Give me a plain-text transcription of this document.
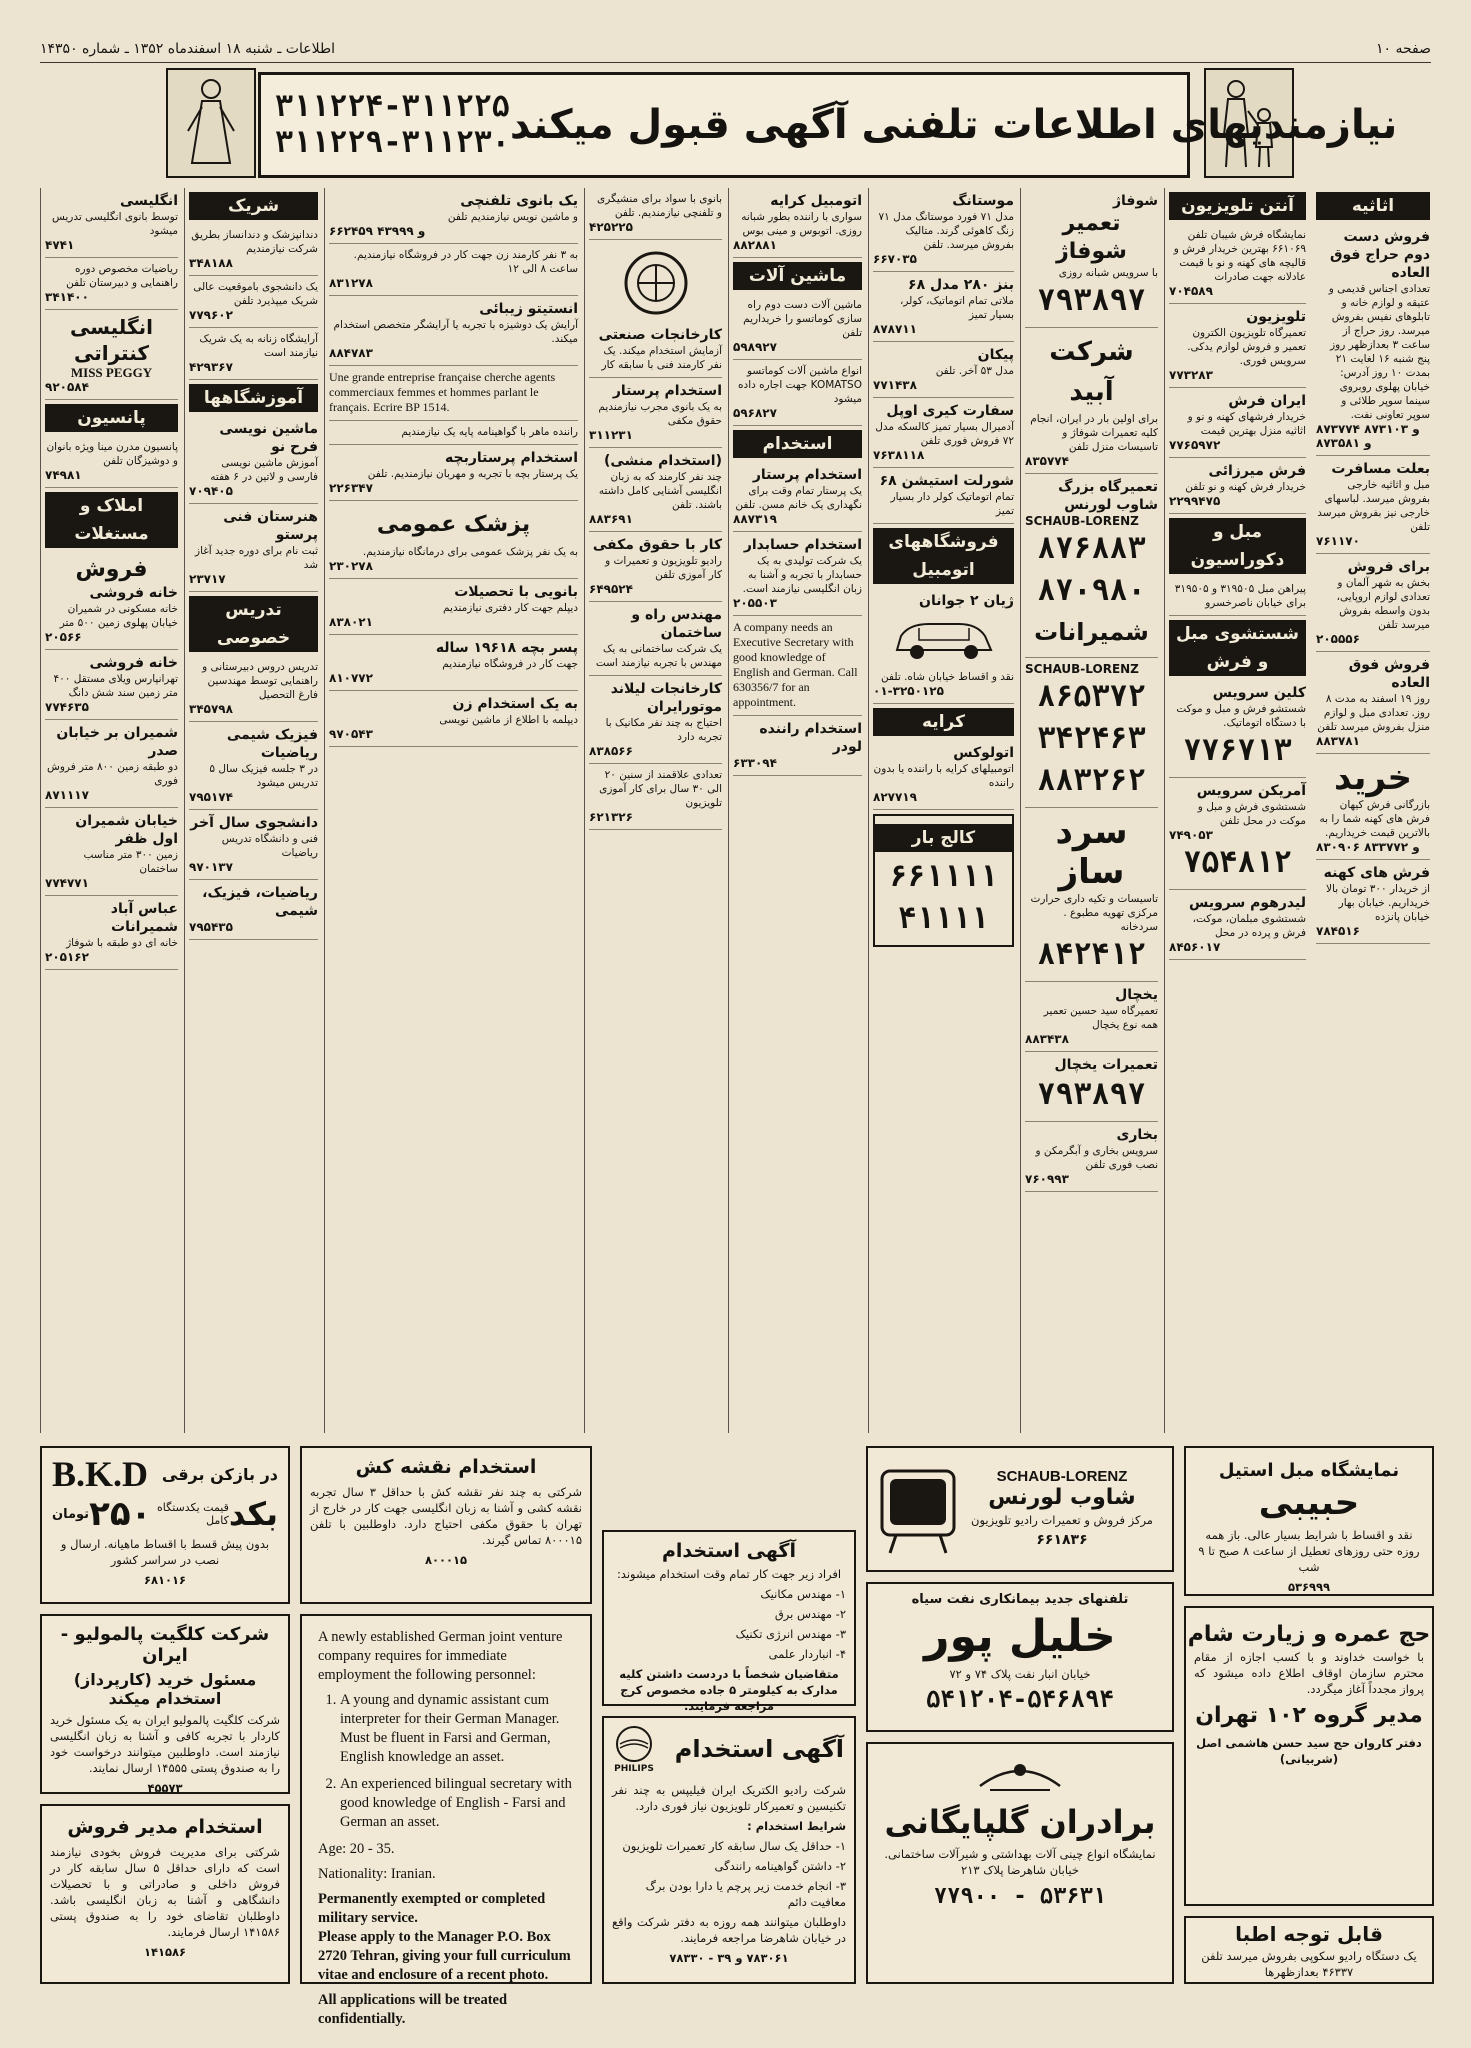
اطلاعات ـ شنبه ۱۸ اسفندماه ۱۳۵۲ ـ شماره ۱۴۳۵۰	صفحه ۱۰
۳۱۱۲۲۴-۳۱۱۲۲۵
۳۱۱۲۲۹-۳۱۱۲۳۰ نیازمندیهای اطلاعات تلفنی آگهی قبول میکند
اثاثیه
فروش دست دوم حراج فوق العاده
تعدادی اجناس قدیمی و عتیقه و لوازم خانه و تابلوهای نفیس بفروش میرسد. روز حراج از ساعت ۳ بعدازظهر روز پنج شنبه ۱۶ لغایت ۲۱ بمدت ۱۰ روز آدرس: خیابان پهلوی روبروی سینما سوپر طلائی و سوپر تعاونی نفت.
۸۷۳۷۷۴ و ۸۷۳۱۰۳ و ۸۷۳۵۸۱
بعلت مسافرت
مبل و اثاثیه خارجی بفروش میرسد. لباسهای خارجی نیز بفروش میرسد تلفن
۷۶۱۱۷۰
برای فروش
بخش به شهر آلمان و تعدادی لوازم اروپایی، بدون واسطه بفروش میرسد تلفن
۲۰۵۵۵۶
فروش فوق العاده
روز ۱۹ اسفند به مدت ۸ روز. تعدادی مبل و لوازم منزل بفروش میرسد تلفن
۸۸۳۷۸۱
خرید
بازرگانی فرش کیهان فرش های کهنه شما را به بالاترین قیمت خریداریم.
۸۳۰۹۰۶ و ۸۳۳۷۷۲
فرش های کهنه
از خریدار ۳۰۰ تومان بالا خریداریم. خیابان بهار خیابان پانزده
۷۸۴۵۱۶
آنتن تلویزیون
نمایشگاه فرش شیبان تلفن ۶۶۱۰۶۹ بهترین خریدار فرش و قالیچه های کهنه و نو با قیمت عادلانه جهت صادرات
۷۰۴۵۸۹
تلویزیون
تعمیرگاه تلویزیون الکترون تعمیر و فروش لوازم یدکی. سرویس فوری.
۷۷۳۲۸۳
ایران فرش
خریدار فرشهای کهنه و نو و اثاثیه منزل بهترین قیمت
۷۷۶۵۹۷۲
فرش میرزائی
خریدار فرش کهنه و نو تلفن
۲۲۹۹۴۷۵
مبل و دکوراسیون
پیراهن مبل ۳۱۹۵۰۵ و ۳۱۹۵۰۵ برای خیابان ناصرخسرو
شستشوی مبل و فرش
کلین سرویس
شستشو فرش و مبل و موکت با دستگاه اتوماتیک.
۷۷۶۷۱۳
آمریکن سرویس
شستشوی فرش و مبل و موکت در محل تلفن
۷۴۹۰۵۳
۷۵۴۸۱۲
لیدرهوم سرویس
شستشوی مبلمان، موکت، فرش و پرده در محل
۸۴۵۶۰۱۷
شوفاژ
تعمیر شوفاژ
با سرویس شبانه روزی
۷۹۳۸۹۷
شرکت آبید
برای اولین بار در ایران، انجام کلیه تعمیرات شوفاژ و تاسیسات منزل تلفن
۸۳۵۷۷۴
تعمیرگاه بزرگ شاوب لورنس
SCHAUB-LORENZ
۸۷۶۸۸۳
۸۷۰۹۸۰
شمیرانات
SCHAUB-LORENZ
۸۶۵۳۷۲
۳۴۲۴۶۳
۸۸۳۲۶۲
سرد ساز
تاسیسات و تکیه داری حرارت مرکزی تهویه مطبوع . سردخانه
۸۴۲۴۱۲
یخچال
تعمیرگاه سید حسین تعمیر همه نوع یخچال
۸۸۳۴۳۸
تعمیرات یخچال
۷۹۳۸۹۷
بخاری
سرویس بخاری و آبگرمکن و نصب فوری تلفن
۷۶۰۹۹۳
موستانگ
مدل ۷۱ فورد موستانگ مدل ۷۱ زنگ کاهوئی گرند. متالیک بفروش میرسد. تلفن
۶۶۷۰۳۵
بنز ۲۸۰ مدل ۶۸
ملاتی تمام اتوماتیک، کولر، بسیار تمیز
۸۷۸۷۱۱
پیکان
مدل ۵۳ آخر. تلفن
۷۷۱۴۳۸
سفارت کیری اوپل
آدمیرال بسیار تمیز کالسکه مدل ۷۲ فروش فوری تلفن
۷۶۳۸۱۱۸
شورلت استیشن ۶۸
تمام اتوماتیک کولر دار بسیار تمیز
فروشگاههای اتومبیل
ژیان ۲ جوانان
نقد و اقساط خیابان شاه. تلفن
۰۱-۳۲۵۰۱۲۵
کرایه
اتولوکس
اتومبیلهای کرایه با راننده یا بدون راننده
۸۲۷۷۱۹
کالج بار
۶۶۱۱۱۱
۴۱۱۱۱
اتومبیل کرایه
سواری با راننده بطور شبانه روزی. اتوبوس و مینی بوس
۸۸۲۸۸۱
ماشین آلات
ماشین آلات دست دوم راه سازی کوماتسو را خریداریم تلفن
۵۹۸۹۲۷
انواع ماشین آلات کوماتسو KOMATSO جهت اجاره داده میشود
۵۹۶۸۲۷
استخدام
استخدام پرستار
یک پرستار تمام وقت برای نگهداری یک خانم مسن. تلفن
۸۸۷۳۱۹
استخدام حسابدار
یک شرکت تولیدی به یک حسابدار با تجربه و آشنا به زبان انگلیسی نیازمند است.
۲۰۵۵۰۳
A company needs an Executive Secretary with good knowledge of English and German. Call 630356/7 for an appointment.
استخدام راننده لودر
۶۳۳۰۹۴
بانوی با سواد برای منشیگری و تلفنچی نیازمندیم. تلفن
۴۲۵۲۲۵
کارخانجات صنعتی
آزمایش استخدام میکند. یک نفر کارمند فنی با سابقه کار
استخدام پرستار
به یک بانوی مجرب نیازمندیم حقوق مکفی
۳۱۱۲۳۱
(استخدام منشی)
چند نفر کارمند که به زبان انگلیسی آشنایی کامل داشته باشند. تلفن
۸۸۳۶۹۱
کار با حقوق مکفی
رادیو تلویزیون و تعمیرات و کار آموزی تلفن
۶۴۹۵۲۴
مهندس راه و ساختمان
یک شرکت ساختمانی به یک مهندس با تجربه نیازمند است
کارخانجات لیلاند موتورایران
احتیاج به چند نفر مکانیک با تجربه دارد
۸۳۸۵۶۶
تعدادی علاقمند از سنین ۲۰ الی ۳۰ سال برای کار آموزی تلویزیون
۶۲۱۳۲۶
یک بانوی تلفنچی
و ماشین نویس نیازمندیم تلفن
۶۶۲۴۵۹ و ۴۳۹۹۹
به ۳ نفر کارمند زن جهت کار در فروشگاه نیازمندیم. ساعت ۸ الی ۱۲
۸۳۱۲۷۸
انستیتو زیبائی
آرایش یک دوشیزه با تجربه یا آرایشگر متخصص استخدام میکند.
۸۸۴۷۸۳
Une grande entreprise française cherche agents commerciaux femmes et hommes parlant le français. Ecrire BP 1514.
راننده ماهر با گواهینامه پایه یک نیازمندیم
استخدام پرستاربچه
یک پرستار بچه با تجربه و مهربان نیازمندیم. تلفن
۲۲۶۳۴۷
پزشک عمومی
به یک نفر پزشک عمومی برای درمانگاه نیازمندیم.
۲۳۰۲۷۸
بانویی با تحصیلات
دیپلم جهت کار دفتری نیازمندیم
۸۳۸۰۲۱
پسر بچه ۱۹۶۱۸ ساله
جهت کار در فروشگاه نیازمندیم
۸۱۰۷۷۲
به یک استخدام زن
دیپلمه با اطلاع از ماشین نویسی
۹۷۰۵۴۳
شریک
دندانپزشک و دندانساز بطریق شرکت نیازمندیم
۳۴۸۱۸۸
یک دانشجوی باموقعیت عالی شریک میپذیرد تلفن
۷۷۹۶۰۲
آرایشگاه زنانه به یک شریک نیازمند است
۴۲۹۳۶۷
آموزشگاهها
ماشین نویسی فرح نو
آموزش ماشین نویسی فارسی و لاتین در ۶ هفته
۷۰۹۴۰۵
هنرستان فنی پرستو
ثبت نام برای دوره جدید آغاز شد
۲۳۷۱۷
تدریس خصوصی
تدریس دروس دبیرستانی و راهنمایی توسط مهندسین فارغ التحصیل
۳۴۵۷۹۸
فیزیک شیمی ریاضیات
در ۳ جلسه فیزیک سال ۵ تدریس میشود
۷۹۵۱۷۴
دانشجوی سال آخر
فنی و دانشگاه تدریس ریاضیات
۹۷۰۱۳۷
ریاضیات، فیزیک، شیمی
۷۹۵۴۳۵
انگلیسی
توسط بانوی انگلیسی تدریس میشود
۴۷۴۱
ریاضیات مخصوص دوره راهنمایی و دبیرستان تلفن
۳۴۱۴۰۰
انگلیسی کنتراتی
MISS PEGGY
۹۲۰۵۸۴
پانسیون
پانسیون مدرن مینا ویژه بانوان و دوشیزگان تلفن
۷۴۹۸۱
املاک و مستغلات
فروش
خانه فروشی
خانه مسکونی در شمیران خیابان پهلوی زمین ۵۰۰ متر
۲۰۵۶۶
خانه فروشی
تهرانپارس ویلای مستقل ۴۰۰ متر زمین سند شش دانگ
۷۷۴۶۳۵
شمیران بر خیابان صدر
دو طبقه زمین ۸۰۰ متر فروش فوری
۸۷۱۱۱۷
خیابان شمیران اول ظفر
زمین ۳۰۰ متر مناسب ساختمان
۷۷۴۷۷۱
عباس آباد شمیرانات
خانه ای دو طبقه با شوفاژ
۲۰۵۱۶۲
B.K.D در بازکن برقی
بکد
قیمت یکدستگاه کامل
۲۵۰
تومان
بدون پیش قسط با اقساط ماهیانه. ارسال و نصب در سراسر کشور
۶۸۱۰۱۶
شرکت کلگیت پالمولیو - ایران
مسئول خرید (کارپرداز) استخدام میکند
شرکت کلگیت پالمولیو ایران به یک مسئول خرید کاردار با تجربه کافی و آشنا به زبان انگلیسی نیازمند است. داوطلبین میتوانند درخواست خود را به صندوق پستی ۱۴۵۵۵ ارسال نمایند.
۴۵۵۷۳
استخدام مدیر فروش
شرکتی برای مدیریت فروش بخودی نیازمند است که دارای حداقل ۵ سال سابقه کار در فروش داخلی و صادراتی و با تحصیلات دانشگاهی و آشنا به زبان انگلیسی باشد. داوطلبان تقاضای خود را به صندوق پستی ۱۴۱۵۸۶ ارسال فرمایند.
۱۴۱۵۸۶
استخدام نقشه کش
شرکتی به چند نفر نقشه کش با حداقل ۳ سال تجربه نقشه کشی و آشنا به زبان انگلیسی جهت کار در خارج از تهران با حقوق مکفی احتیاج دارد. داوطلبین با تلفن ۸۰۰۰۱۵ تماس گیرند.
۸۰۰۰۱۵
A newly established German joint venture company requires for immediate employment the following personnel:
1. A young and dynamic assistant cum interpreter for their German Manager. Must be fluent in Farsi and German, English knowledge an asset.
2. An experienced bilingual secretary with good knowledge of English - Farsi and German an asset.
Age: 20 - 35.
Nationality: Iranian.
Permanently exempted or completed military service.
Please apply to the Manager P.O. Box 2720 Tehran, giving your full curriculum vitae and enclosure of a recent photo.
All applications will be treated confidentially.
آگهی استخدام
افراد زیر جهت کار تمام وقت استخدام میشوند:
۱- مهندس مکانیک
۲- مهندس برق
۳- مهندس انرژی تکنیک
۴- انباردار علمی
متقاضیان شخصاً با دردست داشتن کلیه مدارک به کیلومتر ۵ جاده مخصوص کرج مراجعه فرمایند.
PHILIPS
آگهی استخدام
شرکت رادیو الکتریک ایران فیلیپس به چند نفر تکنیسین و تعمیرکار تلویزیون نیاز فوری دارد.
شرایط استخدام :
۱- حداقل یک سال سابقه کار تعمیرات تلویزیون
۲- داشتن گواهینامه رانندگی
۳- انجام خدمت زیر پرچم یا دارا بودن برگ معافیت دائم
داوطلبان میتوانند همه روزه به دفتر شرکت واقع در خیابان شاهرضا مراجعه فرمایند.
۷۸۳۰۶۱ و ۳۹ - ۷۸۳۳۰
SCHAUB-LORENZ
شاوب لورنس
مرکز فروش و تعمیرات رادیو تلویزیون
۶۶۱۸۳۶
تلفنهای جدید بیمانکاری نفت سیاه
خلیل پور
خیابان انبار نفت پلاک ۷۴ و ۷۲
۵۴۱۲۰۴-۵۴۶۸۹۴
برادران گلپایگانی
نمایشگاه انواع چینی آلات بهداشتی و شیرآلات ساختمانی. خیابان شاهرضا پلاک ۲۱۳
۵۳۶۳۱ - ۷۷۹۰۰
نمایشگاه مبل استیل
حبیبی
نقد و اقساط با شرایط بسیار عالی. باز همه روزه حتی روزهای تعطیل از ساعت ۸ صبح تا ۹ شب
۵۳۶۹۹۹
حج عمره و زیارت شام
با خواست خداوند و با کسب اجازه از مقام محترم سازمان اوقاف اطلاع داده میشود که پرواز مجدداً آغاز میگردد.
مدیر گروه ۱۰۲ تهران
دفتر کاروان حج سید حسن هاشمی اصل (شربیانی)
قابل توجه اطبا
یک دستگاه رادیو سکوپی بفروش میرسد تلفن ۴۶۳۳۷ بعدازظهرها
